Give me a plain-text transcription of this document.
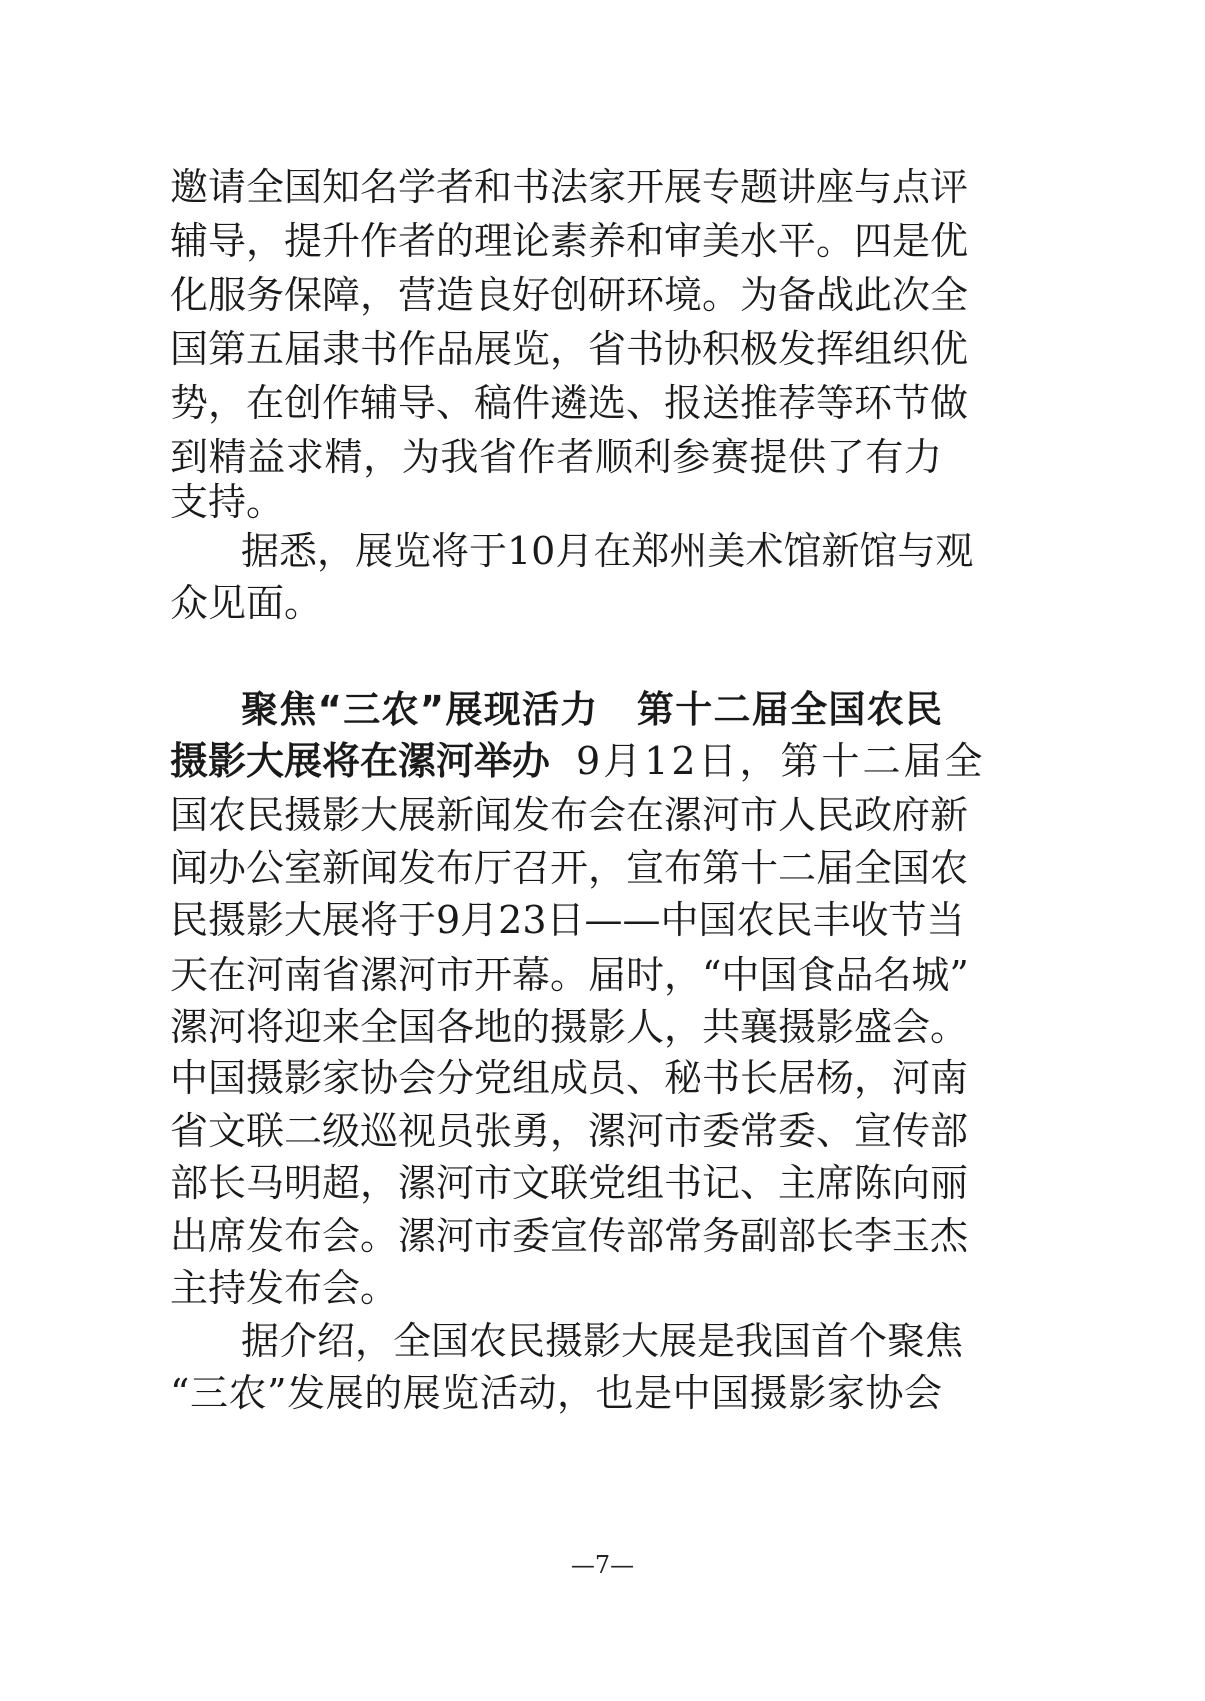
邀请全国知名学者和书法家开展专题讲座与点评
辅导，提升作者的理论素养和审美水平。四是优
化服务保障，营造良好创研环境。为备战此次全
国第五届隶书作品展览，省书协积极发挥组织优
势，在创作辅导、稿件遴选、报送推荐等环节做
到精益求精，为我省作者顺利参赛提供了有力
支持。
据悉，展览将于10月在郑州美术馆新馆与观
众见面。
聚焦“三农”展现活力　第十二届全国农民
摄影大展将在漯河举办 9月12日，第十二届全
国农民摄影大展新闻发布会在漯河市人民政府新
闻办公室新闻发布厅召开，宣布第十二届全国农
民摄影大展将于9月23日——中国农民丰收节当
天在河南省漯河市开幕。届时，“中国食品名城”
漯河将迎来全国各地的摄影人，共襄摄影盛会。
中国摄影家协会分党组成员、秘书长居杨，河南
省文联二级巡视员张勇，漯河市委常委、宣传部
部长马明超，漯河市文联党组书记、主席陈向丽
出席发布会。漯河市委宣传部常务副部长李玉杰
主持发布会。
据介绍，全国农民摄影大展是我国首个聚焦
“三农”发展的展览活动，也是中国摄影家协会
—7—
